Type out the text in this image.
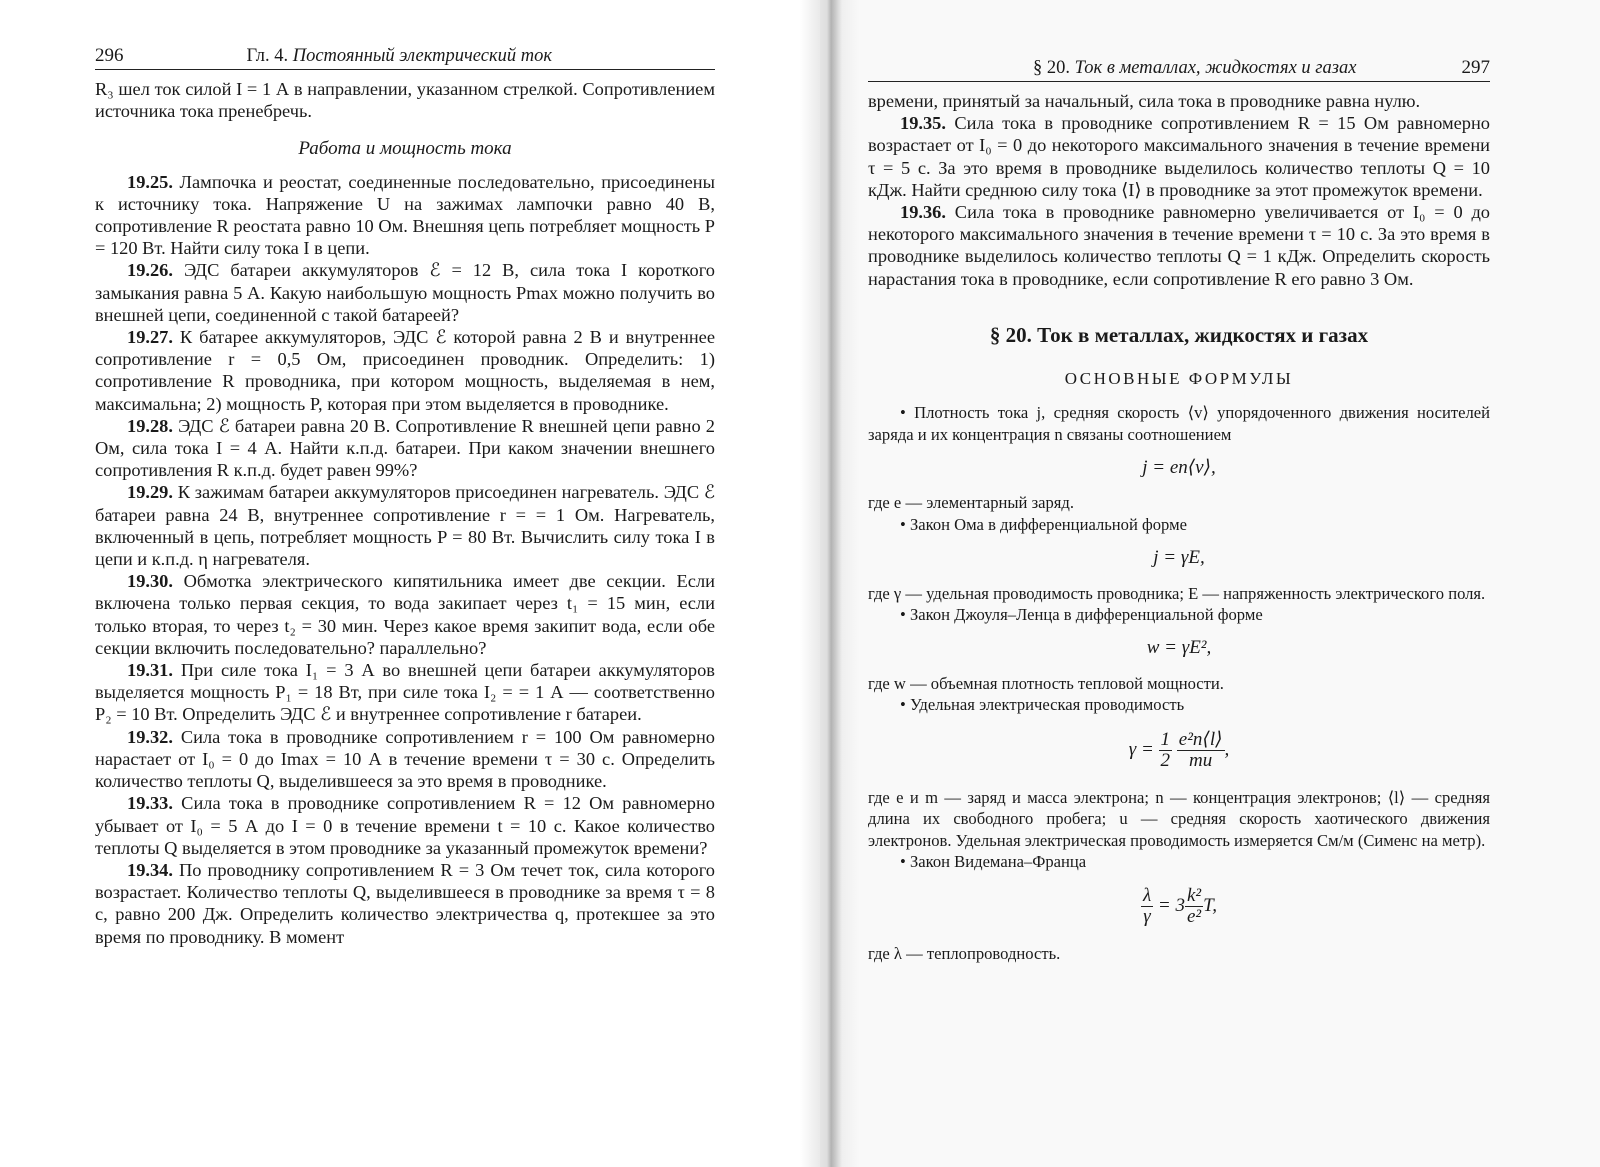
296	Гл. 4. Постоянный электрический ток

R₃ шел ток силой I = 1 А в направлении, указанном стрелкой. Сопротивлением источника тока пренебречь.

Работа и мощность тока

19.25. Лампочка и реостат, соединенные последовательно, присоединены к источнику тока. Напряжение U на зажимах лампочки равно 40 В, сопротивление R реостата равно 10 Ом. Внешняя цепь потребляет мощность P = 120 Вт. Найти силу тока I в цепи.

19.26. ЭДС батареи аккумуляторов ℰ = 12 В, сила тока I короткого замыкания равна 5 А. Какую наибольшую мощность Pmax можно получить во внешней цепи, соединенной с такой батареей?

19.27. К батарее аккумуляторов, ЭДС ℰ которой равна 2 В и внутреннее сопротивление r = 0,5 Ом, присоединен проводник. Определить: 1) сопротивление R проводника, при котором мощность, выделяемая в нем, максимальна; 2) мощность P, которая при этом выделяется в проводнике.

19.28. ЭДС ℰ батареи равна 20 В. Сопротивление R внешней цепи равно 2 Ом, сила тока I = 4 А. Найти к.п.д. батареи. При каком значении внешнего сопротивления R к.п.д. будет равен 99%?

19.29. К зажимам батареи аккумуляторов присоединен нагреватель. ЭДС ℰ батареи равна 24 В, внутреннее сопротивление r = = 1 Ом. Нагреватель, включенный в цепь, потребляет мощность P = 80 Вт. Вычислить силу тока I в цепи и к.п.д. η нагревателя.

19.30. Обмотка электрического кипятильника имеет две секции. Если включена только первая секция, то вода закипает через t₁ = 15 мин, если только вторая, то через t₂ = 30 мин. Через какое время закипит вода, если обе секции включить последовательно? параллельно?

19.31. При силе тока I₁ = 3 А во внешней цепи батареи аккумуляторов выделяется мощность P₁ = 18 Вт, при силе тока I₂ = = 1 А — соответственно P₂ = 10 Вт. Определить ЭДС ℰ и внутреннее сопротивление r батареи.

19.32. Сила тока в проводнике сопротивлением r = 100 Ом равномерно нарастает от I₀ = 0 до Imax = 10 А в течение времени τ = 30 с. Определить количество теплоты Q, выделившееся за это время в проводнике.

19.33. Сила тока в проводнике сопротивлением R = 12 Ом равномерно убывает от I₀ = 5 А до I = 0 в течение времени t = 10 с. Какое количество теплоты Q выделяется в этом проводнике за указанный промежуток времени?

19.34. По проводнику сопротивлением R = 3 Ом течет ток, сила которого возрастает. Количество теплоты Q, выделившееся в проводнике за время τ = 8 с, равно 200 Дж. Определить количество электричества q, протекшее за это время по проводнику. В момент

§ 20. Ток в металлах, жидкостях и газах	297

времени, принятый за начальный, сила тока в проводнике равна нулю.

19.35. Сила тока в проводнике сопротивлением R = 15 Ом равномерно возрастает от I₀ = 0 до некоторого максимального значения в течение времени τ = 5 с. За это время в проводнике выделилось количество теплоты Q = 10 кДж. Найти среднюю силу тока ⟨I⟩ в проводнике за этот промежуток времени.

19.36. Сила тока в проводнике равномерно увеличивается от I₀ = 0 до некоторого максимального значения в течение времени τ = 10 с. За это время в проводнике выделилось количество теплоты Q = 1 кДж. Определить скорость нарастания тока в проводнике, если сопротивление R его равно 3 Ом.

§ 20. Ток в металлах, жидкостях и газах
ОСНОВНЫЕ ФОРМУЛЫ

• Плотность тока j, средняя скорость ⟨v⟩ упорядоченного движения носителей заряда и их концентрация n связаны соотношением

j = en⟨v⟩,

где e — элементарный заряд.

• Закон Ома в дифференциальной форме

j = γE,

где γ — удельная проводимость проводника; E — напряженность электрического поля.

• Закон Джоуля–Ленца в дифференциальной форме

w = γE²,

где w — объемная плотность тепловой мощности.

• Удельная электрическая проводимость

$\gamma = \frac{1}{2}$
$\frac{\text{e²n⟨l⟩}}{mu}$ ,

где e и m — заряд и масса электрона; n — концентрация электронов; ⟨l⟩ — средняя длина их свободного пробега; u — средняя скорость хаотического движения электронов. Удельная электрическая проводимость измеряется См/м (Сименс на метр).

• Закон Видемана–Франца

$\frac{\lambda}{\gamma} = 3 \frac{\text{k²}}{\text{e²}} T$,

где λ — теплопроводность.
